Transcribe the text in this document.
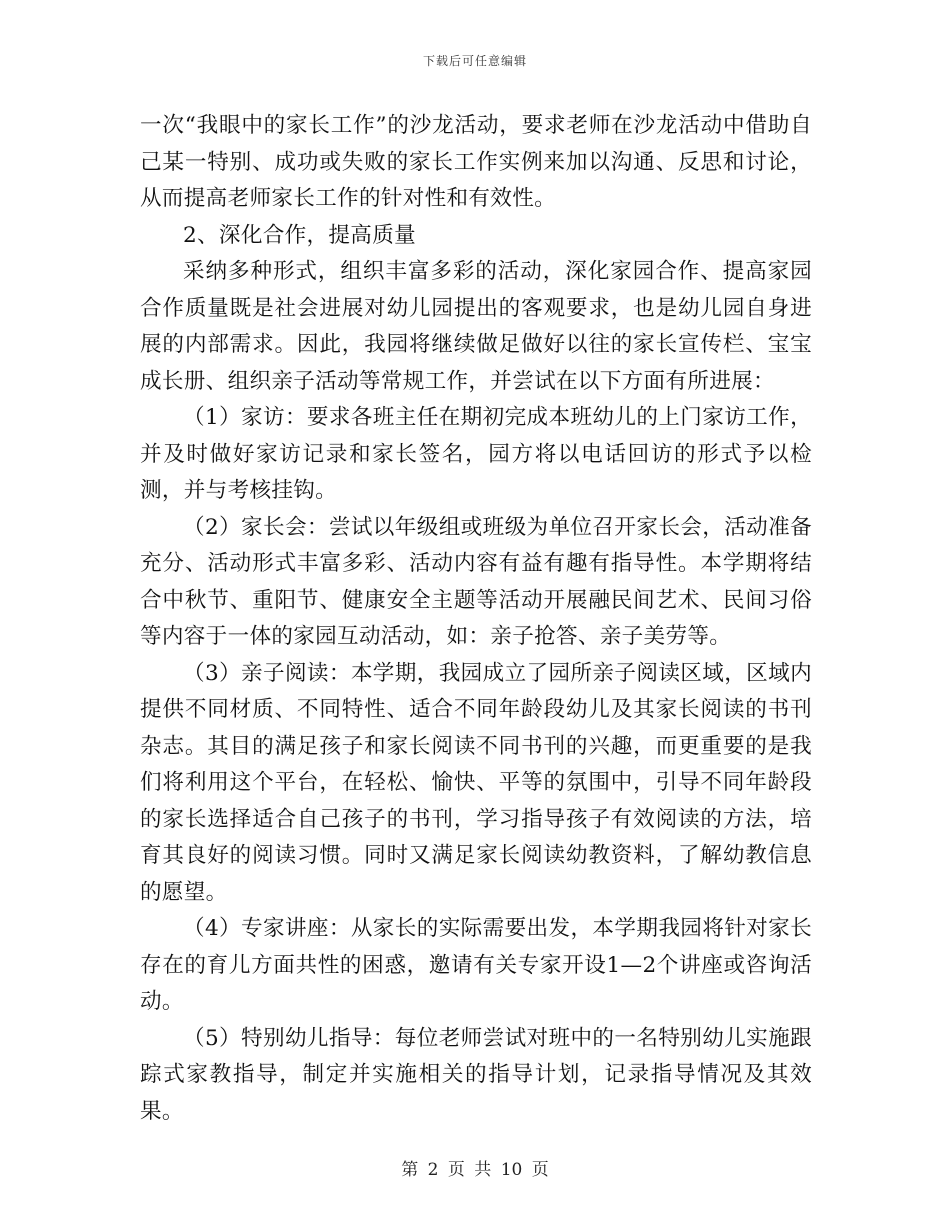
下载后可任意编辑

一次“我眼中的家长工作”的沙龙活动，要求老师在沙龙活动中借助自己某一特别、成功或失败的家长工作实例来加以沟通、反思和讨论，从而提高老师家长工作的针对性和有效性。

2、深化合作，提高质量

采纳多种形式，组织丰富多彩的活动，深化家园合作、提高家园合作质量既是社会进展对幼儿园提出的客观要求，也是幼儿园自身进展的内部需求。因此，我园将继续做足做好以往的家长宣传栏、宝宝成长册、组织亲子活动等常规工作，并尝试在以下方面有所进展：

（1）家访：要求各班主任在期初完成本班幼儿的上门家访工作，并及时做好家访记录和家长签名，园方将以电话回访的形式予以检测，并与考核挂钩。

（2）家长会：尝试以年级组或班级为单位召开家长会，活动准备充分、活动形式丰富多彩、活动内容有益有趣有指导性。本学期将结合中秋节、重阳节、健康安全主题等活动开展融民间艺术、民间习俗等内容于一体的家园互动活动，如：亲子抢答、亲子美劳等。

（3）亲子阅读：本学期，我园成立了园所亲子阅读区域，区域内提供不同材质、不同特性、适合不同年龄段幼儿及其家长阅读的书刊杂志。其目的满足孩子和家长阅读不同书刊的兴趣，而更重要的是我们将利用这个平台，在轻松、愉快、平等的氛围中，引导不同年龄段的家长选择适合自己孩子的书刊，学习指导孩子有效阅读的方法，培育其良好的阅读习惯。同时又满足家长阅读幼教资料，了解幼教信息的愿望。

（4）专家讲座：从家长的实际需要出发，本学期我园将针对家长存在的育儿方面共性的困惑，邀请有关专家开设1—2个讲座或咨询活动。

（5）特别幼儿指导：每位老师尝试对班中的一名特别幼儿实施跟踪式家教指导，制定并实施相关的指导计划，记录指导情况及其效果。

第 2 页 共 10 页
